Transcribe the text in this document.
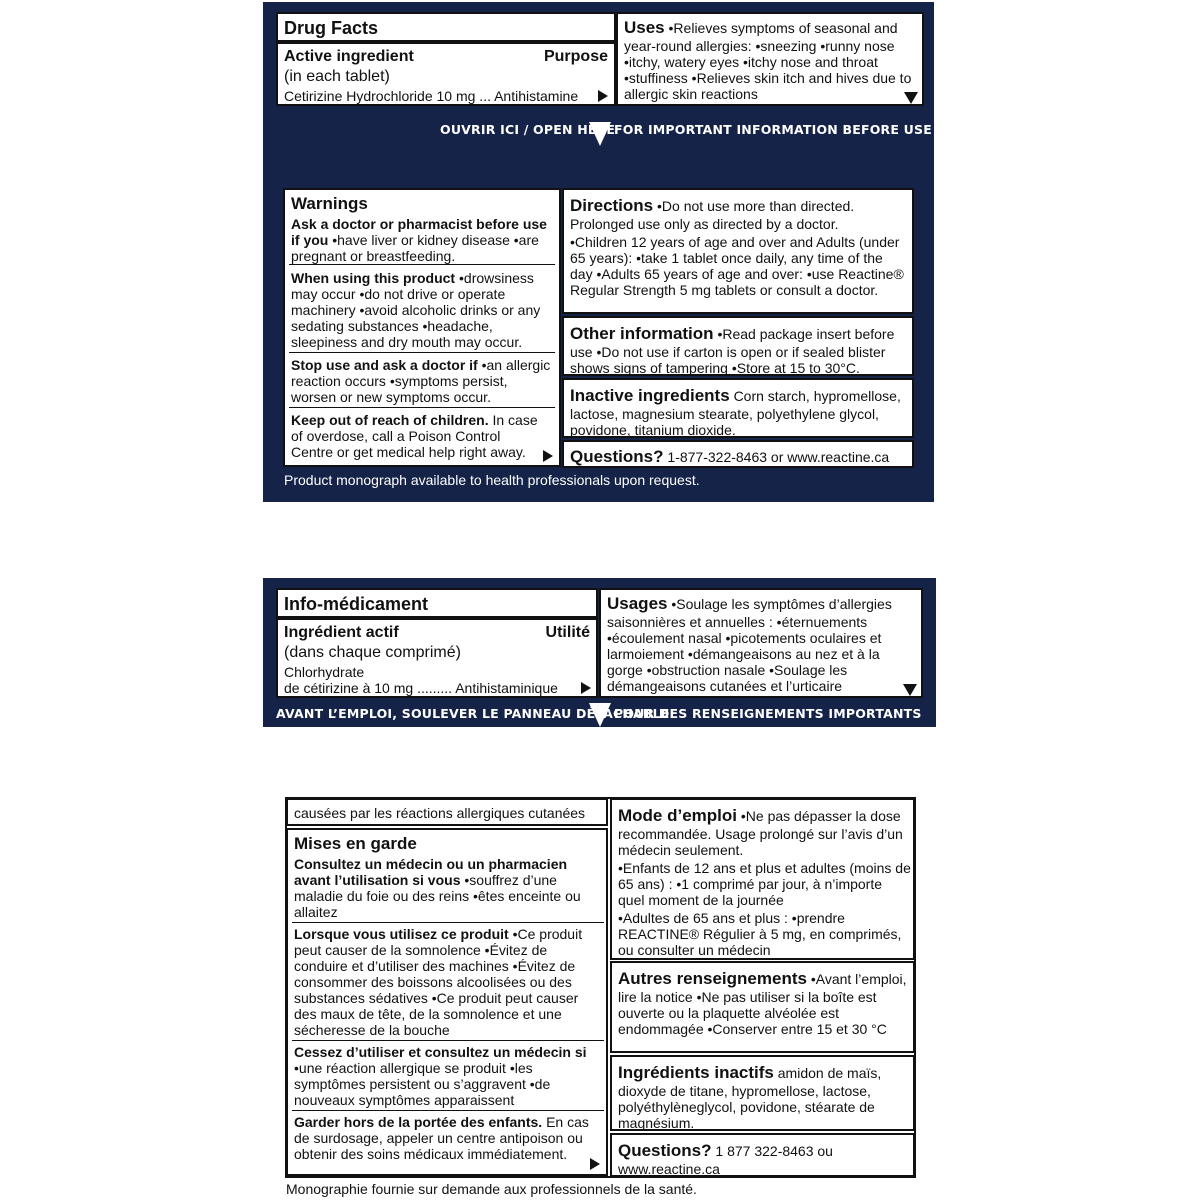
Drug Facts
Active ingredient	Purpose
(in each tablet)
Cetirizine Hydrochloride 10 mg ... Antihistamine
Uses •Relieves symptoms of seasonal and year-round allergies: •sneezing •runny nose •itchy, watery eyes •itchy nose and throat •stuffiness •Relieves skin itch and hives due to allergic skin reactions
OUVRIR ICI / OPEN HERE
FOR IMPORTANT INFORMATION BEFORE USE
Warnings
Ask a doctor or pharmacist before use if you •have liver or kidney disease •are pregnant or breastfeeding.
When using this product •drowsiness may occur •do not drive or operate machinery •avoid alcoholic drinks or any sedating substances •headache, sleepiness and dry mouth may occur.
Stop use and ask a doctor if •an allergic reaction occurs •symptoms persist, worsen or new symptoms occur.
Keep out of reach of children. In case of overdose, call a Poison Control Centre or get medical help right away.
Directions •Do not use more than directed. Prolonged use only as directed by a doctor.
•Children 12 years of age and over and Adults (under 65 years): •take 1 tablet once daily, any time of the day •Adults 65 years of age and over: •use Reactine® Regular Strength 5 mg tablets or consult a doctor.
Other information •Read package insert before use •Do not use if carton is open or if sealed blister shows signs of tampering •Store at 15 to 30°C.
Inactive ingredients Corn starch, hypromellose, lactose, magnesium stearate, polyethylene glycol, povidone, titanium dioxide.
Questions? 1-877-322-8463 or www.reactine.ca
Product monograph available to health professionals upon request.
Info-médicament
Ingrédient actif	Utilité
(dans chaque comprimé)
Chlorhydrate
de cétirizine à 10 mg ......... Antihistaminique
Usages •Soulage les symptômes d’allergies saisonnières et annuelles : •éternuements •écoulement nasal •picotements oculaires et larmoiement •démangeaisons au nez et à la gorge •obstruction nasale •Soulage les démangeaisons cutanées et l’urticaire
AVANT L’EMPLOI, SOULEVER LE PANNEAU DÉTACHABLE
POUR DES RENSEIGNEMENTS IMPORTANTS
causées par les réactions allergiques cutanées
Mises en garde
Consultez un médecin ou un pharmacien avant l’utilisation si vous •souffrez d’une maladie du foie ou des reins •êtes enceinte ou allaitez
Lorsque vous utilisez ce produit •Ce produit peut causer de la somnolence •Évitez de conduire et d’utiliser des machines •Évitez de consommer des boissons alcoolisées ou des substances sédatives •Ce produit peut causer des maux de tête, de la somnolence et une sécheresse de la bouche
Cessez d’utiliser et consultez un médecin si •une réaction allergique se produit •les symptômes persistent ou s’aggravent •de nouveaux symptômes apparaissent
Garder hors de la portée des enfants. En cas de surdosage, appeler un centre antipoison ou obtenir des soins médicaux immédiatement.
Mode d’emploi •Ne pas dépasser la dose recommandée. Usage prolongé sur l’avis d’un médecin seulement.
•Enfants de 12 ans et plus et adultes (moins de 65 ans) : •1 comprimé par jour, à n’importe quel moment de la journée
•Adultes de 65 ans et plus : •prendre REACTINE® Régulier à 5 mg, en comprimés, ou consulter un médecin
Autres renseignements •Avant l’emploi, lire la notice •Ne pas utiliser si la boîte est ouverte ou la plaquette alvéolée est endommagée •Conserver entre 15 et 30 °C
Ingrédients inactifs amidon de maïs, dioxyde de titane, hypromellose, lactose, polyéthylèneglycol, povidone, stéarate de magnésium.
Questions? 1 877 322-8463 ou www.reactine.ca
Monographie fournie sur demande aux professionnels de la santé.
